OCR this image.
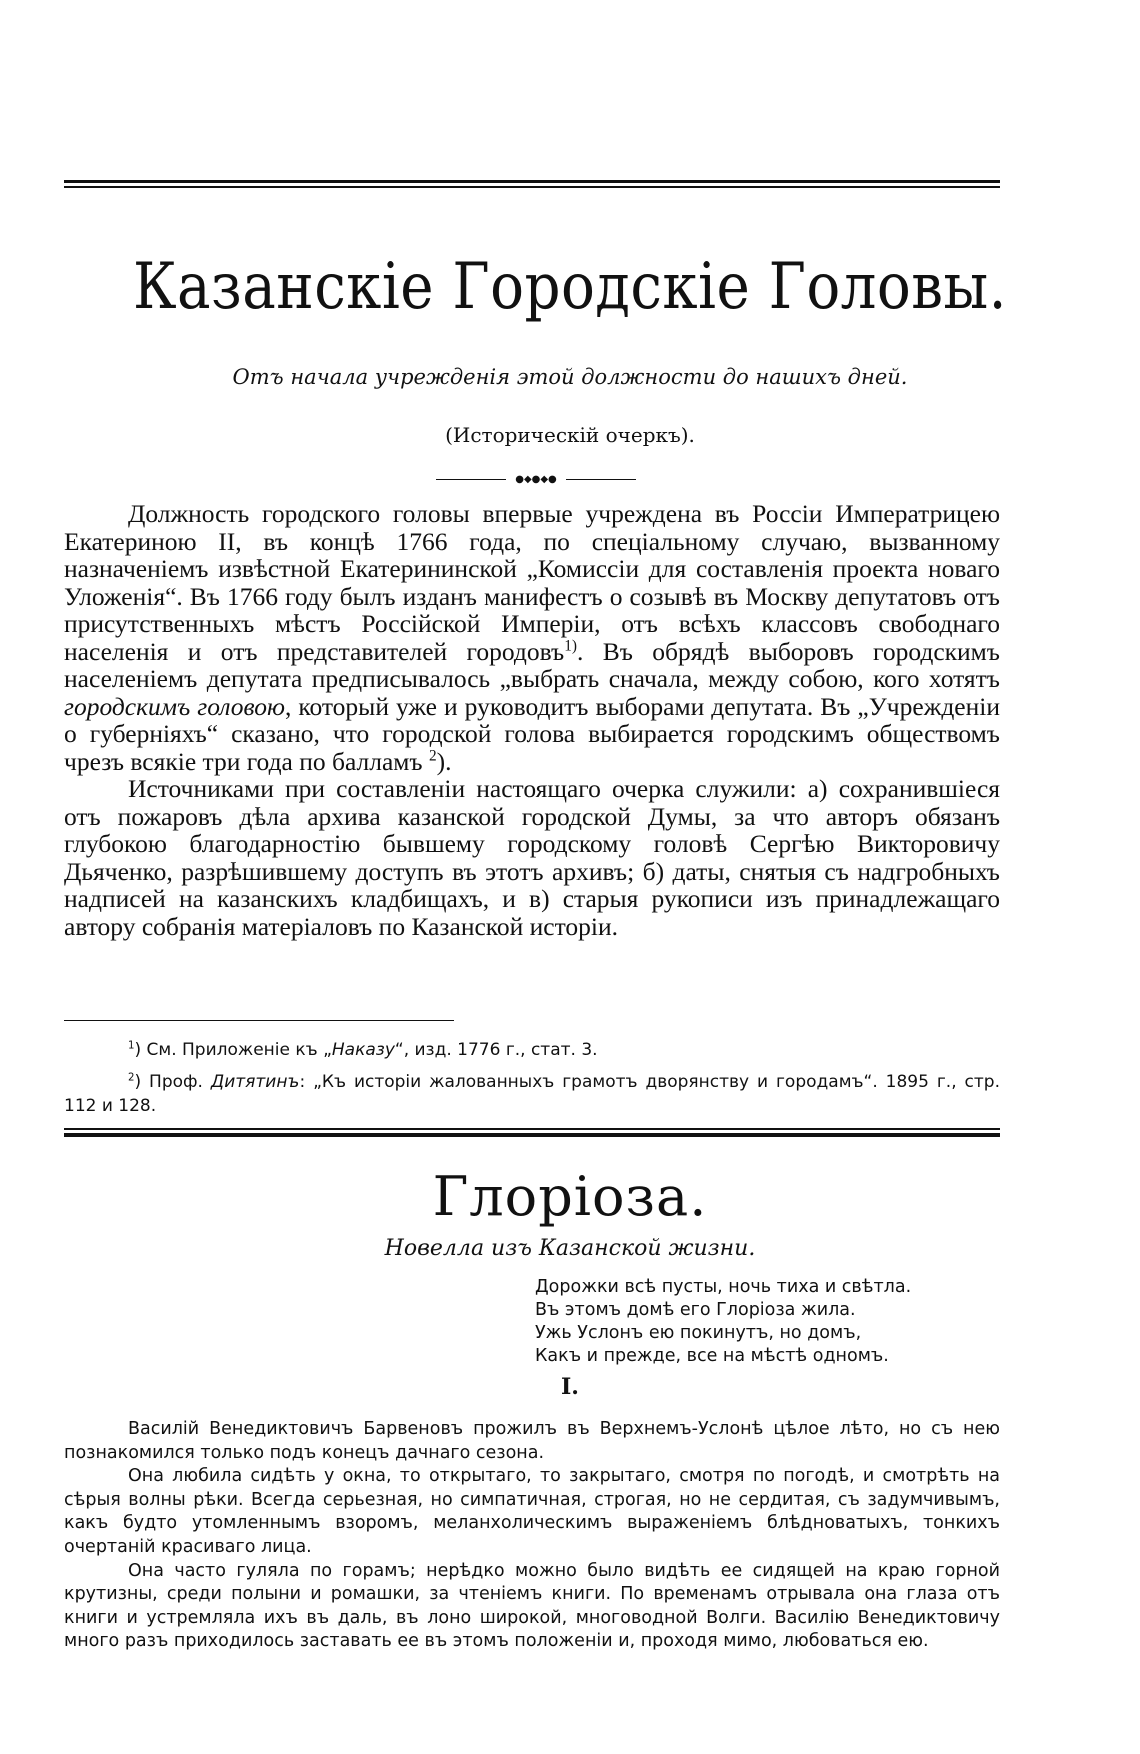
Казанскіе Городскіе Головы.
Отъ начала учрежденія этой должности до нашихъ дней.
(Историческій очеркъ).
●◆●◆●

Должность городского головы впервые учреждена въ Россіи Императрицею Екатериною II, въ концѣ 1766 года, по спеціальному случаю, вызванному назначеніемъ извѣстной Екатерининской „Комиссіи для составленія проекта новаго Уложенія“. Въ 1766 году былъ изданъ манифестъ о созывѣ въ Москву депутатовъ отъ присутственныхъ мѣстъ Россійской Имперіи, отъ всѣхъ классовъ свободнаго населенія и отъ представителей городовъ$^{1)}$. Въ обрядѣ выборовъ городскимъ населеніемъ депутата предписывалось „выбрать сначала, между собою, кого хотятъ городскимъ головою, который уже и руководитъ выборами депутата. Въ „Учрежденіи о губерніяхъ“ сказано, что городской голова выбирается городскимъ обществомъ чрезъ всякіе три года по балламъ $^2$).

Источниками при составленіи настоящаго очерка служили: а) сохранившіеся отъ пожаровъ дѣла архива казанской городской Думы, за что авторъ обязанъ глубокою благодарностію бывшему городскому головѣ Сергѣю Викторовичу Дьяченко, разрѣшившему доступъ въ этотъ архивъ; б) даты, снятыя съ надгробныхъ надписей на казанскихъ кладбищахъ, и в) старыя рукописи изъ принадлежащаго автору собранія матеріаловъ по Казанской исторіи.

$^1$) См. Приложеніе къ „Наказу“, изд. 1776 г., стат. 3.

$^2$) Проф. Дитятинъ: „Къ исторіи жалованныхъ грамотъ дворянству и городамъ“. 1895 г., стр. 112 и 128.

Глоріоза.
Новелла изъ Казанской жизни.
Дорожки всѣ пусты, ночь тиха и свѣтла.
Въ этомъ домѣ его Глоріоза жила.
Ужь Услонъ ею покинутъ, но домъ,
Какъ и прежде, все на мѣстѣ одномъ.
I.

Василій Венедиктовичъ Барвеновъ прожилъ въ Верхнемъ-Услонѣ цѣлое лѣто, но съ нею познакомился только подъ конецъ дачнаго сезона.

Она любила сидѣть у окна, то открытаго, то закрытаго, смотря по погодѣ, и смотрѣть на сѣрыя волны рѣки. Всегда серьезная, но симпатичная, строгая, но не сердитая, съ задумчивымъ, какъ будто утомленнымъ взоромъ, меланхолическимъ выраженіемъ блѣдноватыхъ, тонкихъ очертаній красиваго лица.

Она часто гуляла по горамъ; нерѣдко можно было видѣть ее сидящей на краю горной крутизны, среди полыни и ромашки, за чтеніемъ книги. По временамъ отрывала она глаза отъ книги и устремляла ихъ въ даль, въ лоно широкой, многоводной Волги. Василію Венедиктовичу много разъ приходилось заставать ее въ этомъ положеніи и, проходя мимо, любоваться ею.
